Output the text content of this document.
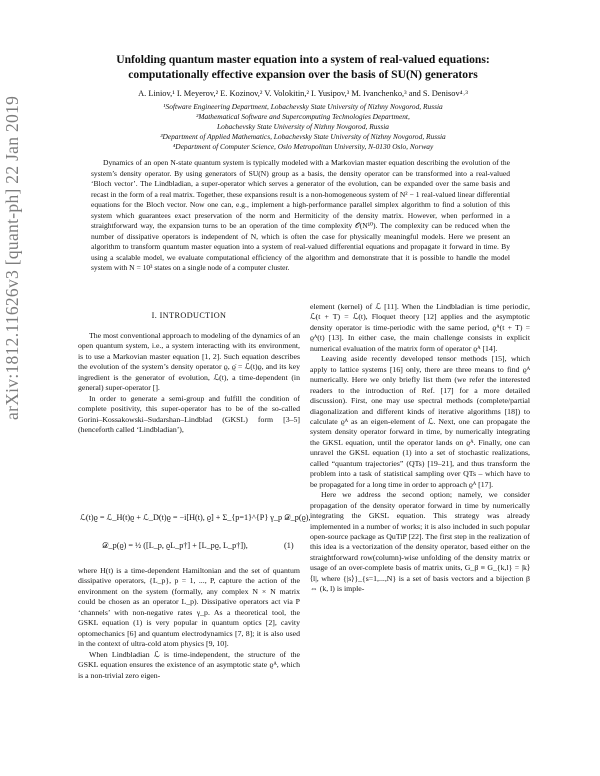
arXiv:1812.11626v3 [quant-ph] 22 Jan 2019
Unfolding quantum master equation into a system of real-valued equations:
computationally effective expansion over the basis of SU(N) generators
A. Liniov,¹ I. Meyerov,² E. Kozinov,² V. Volokitin,² I. Yusipov,³ M. Ivanchenko,³ and S. Denisov⁴˒³
¹Software Engineering Department, Lobachevsky State University of Nizhny Novgorod, Russia
²Mathematical Software and Supercomputing Technologies Department,
Lobachevsky State University of Nizhny Novgorod, Russia
³Department of Applied Mathematics, Lobachevsky State University of Nizhny Novgorod, Russia
⁴Department of Computer Science, Oslo Metropolitan University, N-0130 Oslo, Norway

Dynamics of an open N-state quantum system is typically modeled with a Markovian master equation describing the evolution of the system’s density operator. By using generators of SU(N) group as a basis, the density operator can be transformed into a real-valued ‘Bloch vector’. The Lindbladian, a super-operator which serves a generator of the evolution, can be expanded over the same basis and recast in the form of a real matrix. Together, these expansions result is a non-homogeneous system of N² − 1 real-valued linear differential equations for the Bloch vector. Now one can, e.g., implement a high-performance parallel simplex algorithm to find a solution of this system which guarantees exact preservation of the norm and Hermiticity of the density matrix. However, when performed in a straightforward way, the expansion turns to be an operation of the time complexity 𝒪(N¹⁰). The complexity can be reduced when the number of dissipative operators is independent of N, which is often the case for physically meaningful models. Here we present an algorithm to transform quantum master equation into a system of real-valued differential equations and propagate it forward in time. By using a scalable model, we evaluate computational efficiency of the algorithm and demonstrate that it is possible to handle the model system with N = 10³ states on a single node of a computer cluster.

I. INTRODUCTION

The most conventional approach to modeling of the dynamics of an open quantum system, i.e., a system interacting with its environment, is to use a Markovian master equation [1, 2]. Such equation describes the evolution of the system’s density operator ϱ, ϱ̇ = ℒ(t)ϱ, and its key ingredient is the generator of evolution, ℒ(t), a time-dependent (in general) super-operator [].

In order to generate a semi-group and fulfill the condition of complete positivity, this super-operator has to be of the so-called Gorini–Kossakowski–Sudarshan–Lindblad (GKSL) form [3–5] (henceforth called ‘Lindbladian’),

ℒ(t)ϱ = ℒ_H(t)ϱ + ℒ_D(t)ϱ = −i[H(t), ϱ] + Σ_{p=1}^{P} γ_p 𝒟_p(ϱ),
𝒟_p(ϱ) = ½ ([L_p, ϱL_p†] + [L_pϱ, L_p†]),	(1)

where H(t) is a time-dependent Hamiltonian and the set of quantum dissipative operators, {L_p}, p = 1, ..., P, capture the action of the environment on the system (formally, any complex N × N matrix could be chosen as an operator L_p). Dissipative operators act via P ‘channels’ with non-negative rates γ_p. As a theoretical tool, the GSKL equation (1) is very popular in quantum optics [2], cavity optomechanics [6] and quantum electrodynamics [7, 8]; it is also used in the context of ultra-cold atom physics [9, 10].

When Lindbladian ℒ is time-independent, the structure of the GSKL equation ensures the existence of an asymptotic state ϱᴬ, which is a non-trivial zero eigen-

element (kernel) of ℒ [11]. When the Lindbladian is time periodic, ℒ(t + T) = ℒ(t), Floquet theory [12] applies and the asymptotic density operator is time-periodic with the same period, ϱᴬ(t + T) = ϱᴬ(t) [13]. In either case, the main challenge consists in explicit numerical evaluation of the matrix form of operator ϱᴬ [14].

Leaving aside recently developed tensor methods [15], which apply to lattice systems [16] only, there are three means to find ϱᴬ numerically. Here we only briefly list them (we refer the interested readers to the introduction of Ref. [17] for a more detailed discussion). First, one may use spectral methods (complete/partial diagonalization and different kinds of iterative algorithms [18]) to calculate ϱᴬ as an eigen-element of ℒ. Next, one can propagate the system density operator forward in time, by numerically integrating the GKSL equation, until the operator lands on ϱᴬ. Finally, one can unravel the GKSL equation (1) into a set of stochastic realizations, called “quantum trajectories” (QTs) [19–21], and thus transform the problem into a task of statistical sampling over QTs – which have to be propagated for a long time in order to approach ϱᴬ [17].

Here we address the second option; namely, we consider propagation of the density operator forward in time by numerically integrating the GKSL equation. This strategy was already implemented in a number of works; it is also included in such popular open-source package as QuTiP [22]. The first step in the realization of this idea is a vectorization of the density operator, based either on the straightforward row(column)-wise unfolding of the density matrix or usage of an over-complete basis of matrix units, G_β ≡ G_{k,l} = |k⟩⟨l|, where {|s⟩}_{s=1,...,N} is a set of basis vectors and a bijection β ⇔ (k, l) is imple-
